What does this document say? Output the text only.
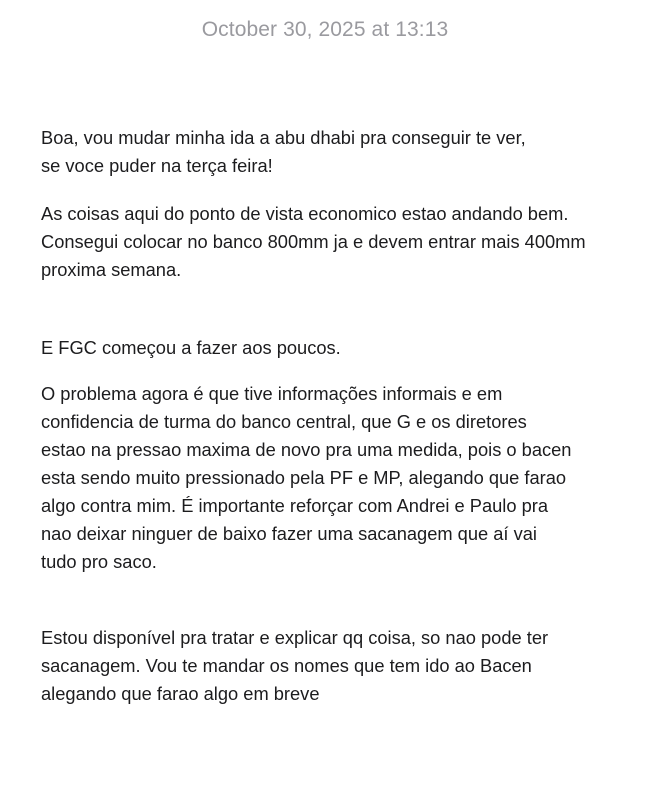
October 30, 2025 at 13:13

Boa, vou mudar minha ida a abu dhabi pra conseguir te ver,
se voce puder na terça feira!

As coisas aqui do ponto de vista economico estao andando bem.
Consegui colocar no banco 800mm ja e devem entrar mais 400mm
proxima semana.

E FGC começou a fazer aos poucos.

O problema agora é que tive informações informais e em
confidencia de turma do banco central, que G e os diretores
estao na pressao maxima de novo pra uma medida, pois o bacen
esta sendo muito pressionado pela PF e MP, alegando que farao
algo contra mim. É importante reforçar com Andrei e Paulo pra
nao deixar ninguer de baixo fazer uma sacanagem que aí vai
tudo pro saco.

Estou disponível pra tratar e explicar qq coisa, so nao pode ter
sacanagem. Vou te mandar os nomes que tem ido ao Bacen
alegando que farao algo em breve
